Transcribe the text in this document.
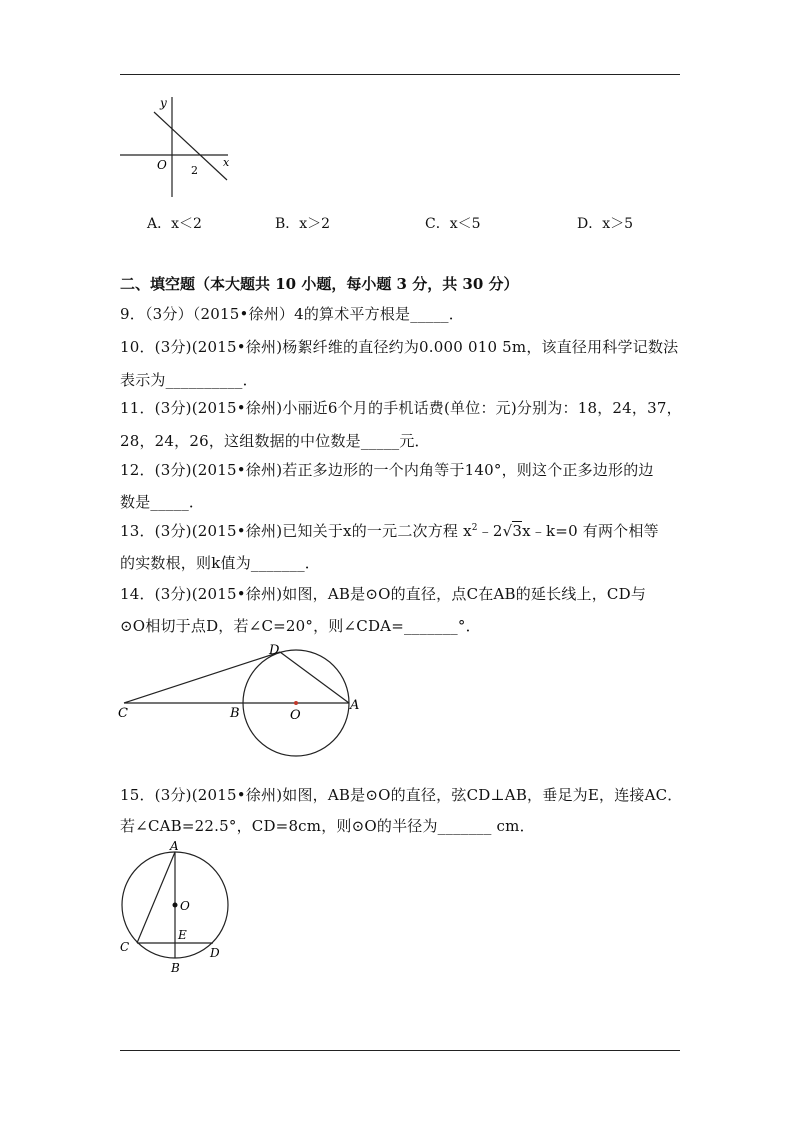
y
x
O 2
A．x＜2	B．x＞2	C．x＜5	D．x＞5
二、填空题（本大题共 10 小题，每小题 3 分，共 30 分）
9．（3分）（2015•徐州）4的算术平方根是_____．
10．(3分)(2015•徐州)杨絮纤维的直径约为0.000 010 5m，该直径用科学记数法
表示为__________．
11．(3分)(2015•徐州)小丽近6个月的手机话费(单位：元)分别为：18，24，37，
28，24，26，这组数据的中位数是_____元．
12．(3分)(2015•徐州)若正多边形的一个内角等于140°，则这个正多边形的边
数是_____．
13．(3分)(2015•徐州)已知关于x的一元二次方程 $x^2﹣2√3x﹣k=0$ 有两个相等
的实数根，则k值为_______．
14．(3分)(2015•徐州)如图，AB是⊙O的直径，点C在AB的延长线上，CD与
⊙O相切于点D，若∠C=20°，则∠CDA=_______°．
C	B	O
A
D
15．(3分)(2015•徐州)如图，AB是⊙O的直径，弦CD⊥AB，垂足为E，连接AC．
若∠CAB=22.5°，CD=8cm，则⊙O的半径为_______ cm．
A
O
E
C	D
B
